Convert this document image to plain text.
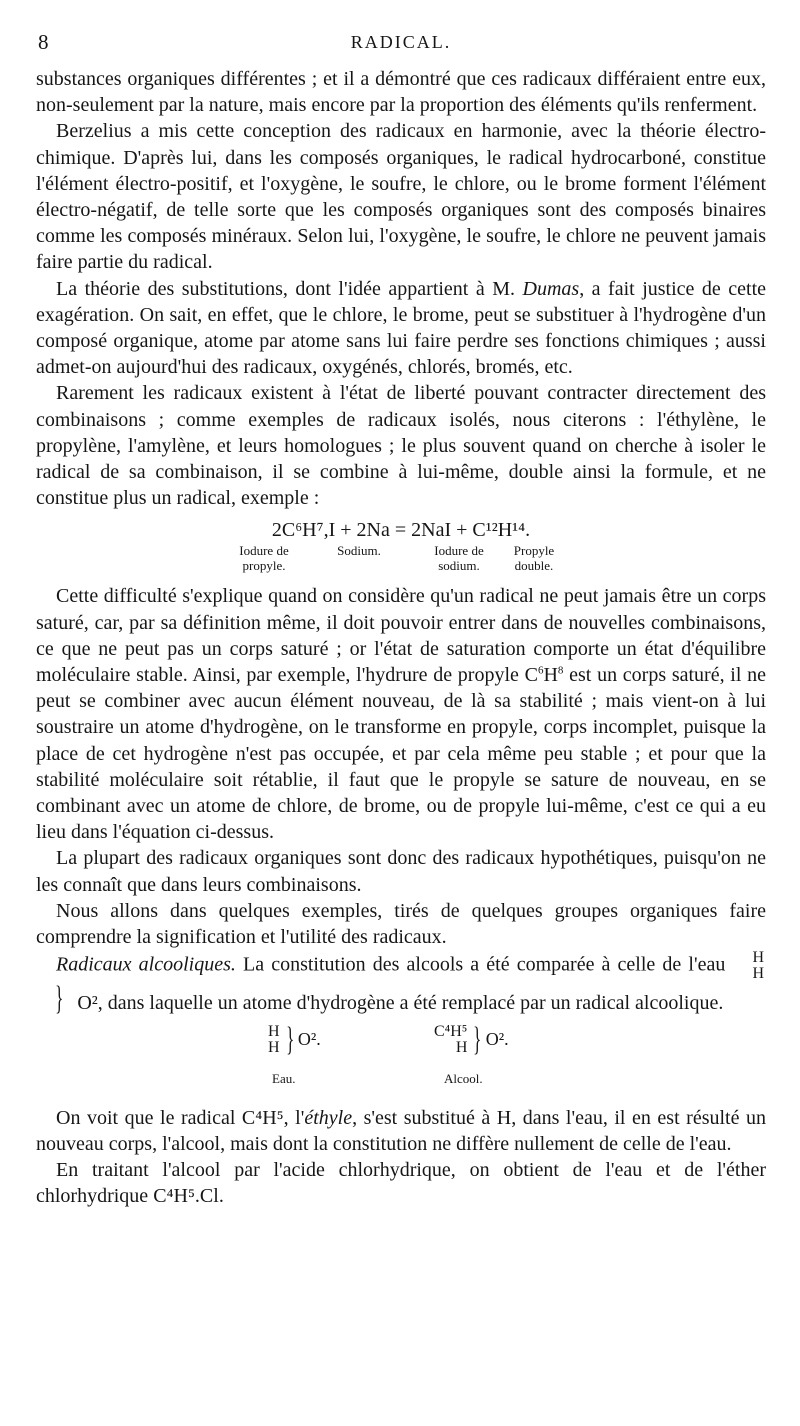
8	RADICAL.

substances organiques différentes ; et il a démontré que ces radicaux différaient entre eux, non-seulement par la nature, mais encore par la proportion des éléments qu'ils renferment.

Berzelius a mis cette conception des radicaux en harmonie, avec la théorie électro-chimique. D'après lui, dans les composés organiques, le radical hydrocarboné, constitue l'élément électro-positif, et l'oxygène, le soufre, le chlore, ou le brome forment l'élément électro-négatif, de telle sorte que les composés organiques sont des composés binaires comme les composés minéraux. Selon lui, l'oxygène, le soufre, le chlore ne peuvent jamais faire partie du radical.

La théorie des substitutions, dont l'idée appartient à M. Dumas, a fait justice de cette exagération. On sait, en effet, que le chlore, le brome, peut se substituer à l'hydrogène d'un composé organique, atome par atome sans lui faire perdre ses fonctions chimiques ; aussi admet-on aujourd'hui des radicaux, oxygénés, chlorés, bromés, etc.

Rarement les radicaux existent à l'état de liberté pouvant contracter directement des combinaisons ; comme exemples de radicaux isolés, nous citerons : l'éthylène, le propylène, l'amylène, et leurs homologues ; le plus souvent quand on cherche à isoler le radical de sa combinaison, il se combine à lui-même, double ainsi la formule, et ne constitue plus un radical, exemple :

2C⁶H⁷,I + 2Na = 2NaI + C¹²H¹⁴.
Iodure de propyle.
Sodium.	Iodure de sodium.
Propyle double.

Cette difficulté s'explique quand on considère qu'un radical ne peut jamais être un corps saturé, car, par sa définition même, il doit pouvoir entrer dans de nouvelles combinaisons, ce que ne peut pas un corps saturé ; or l'état de saturation comporte un état d'équilibre moléculaire stable. Ainsi, par exemple, l'hydrure de propyle $C^6H^8$ est un corps saturé, il ne peut se combiner avec aucun élément nouveau, de là sa stabilité ; mais vient-on à lui soustraire un atome d'hydrogène, on le transforme en propyle, corps incomplet, puisque la place de cet hydrogène n'est pas occupée, et par cela même peu stable ; et pour que la stabilité moléculaire soit rétablie, il faut que le propyle se sature de nouveau, en se combinant avec un atome de chlore, de brome, ou de propyle lui-même, c'est ce qui a eu lieu dans l'équation ci-dessus.

La plupart des radicaux organiques sont donc des radicaux hypothétiques, puisqu'on ne les connaît que dans leurs combinaisons.

Nous allons dans quelques exemples, tirés de quelques groupes organiques faire comprendre la signification et l'utilité des radicaux.

Radicaux alcooliques. La constitution des alcools a été comparée à celle de l'eau	H
H
} O², dans laquelle un atome d'hydrogène a été remplacé par un radical alcoolique.

H
H } O².
Eau.
C⁴H⁵
H } O².
Alcool.

On voit que le radical C⁴H⁵, l'éthyle, s'est substitué à H, dans l'eau, il en est résulté un nouveau corps, l'alcool, mais dont la constitution ne diffère nullement de celle de l'eau.

En traitant l'alcool par l'acide chlorhydrique, on obtient de l'eau et de l'éther chlorhydrique C⁴H⁵.Cl.
